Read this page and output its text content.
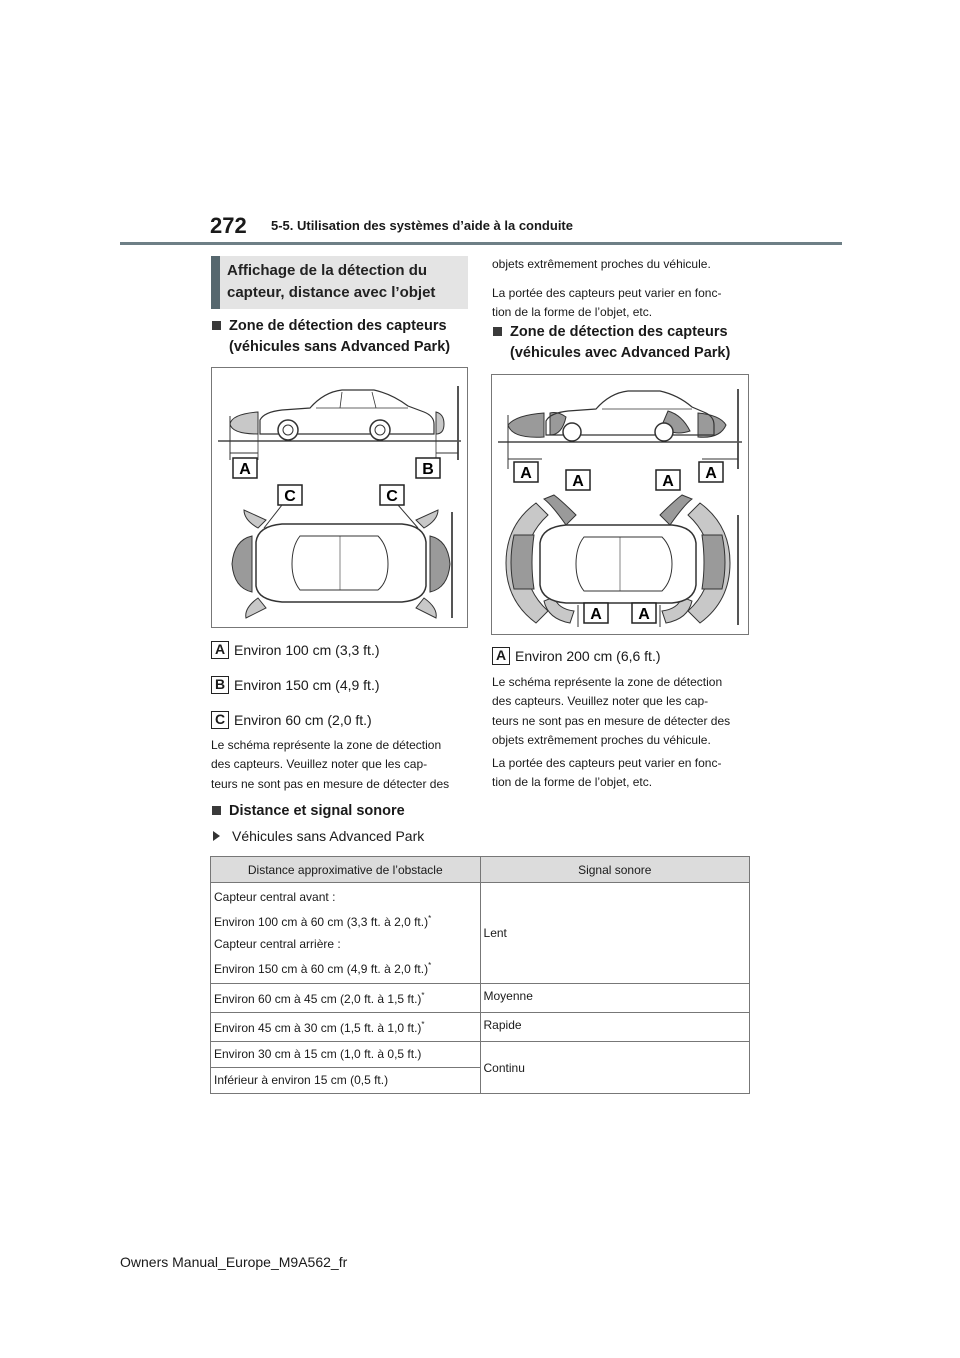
272 5-5. Utilisation des systèmes d’aide à la conduite
Affichage de la détection du
capteur, distance avec l’objet
Zone de détection des capteurs
(véhicules sans Advanced Park)
A	B
C	C
A Environ 100 cm (3,3 ft.)
B Environ 150 cm (4,9 ft.)
C Environ 60 cm (2,0 ft.)
Le schéma représente la zone de détection
des capteurs. Veuillez noter que les cap-
teurs ne sont pas en mesure de détecter des
Distance et signal sonore
Véhicules sans Advanced Park
objets extrêmement proches du véhicule.
La portée des capteurs peut varier en fonc-
tion de la forme de l’objet, etc.
Zone de détection des capteurs
(véhicules avec Advanced Park)
A	A	A A
A A
A Environ 200 cm (6,6 ft.)
Le schéma représente la zone de détection
des capteurs. Veuillez noter que les cap-
teurs ne sont pas en mesure de détecter des
objets extrêmement proches du véhicule.
La portée des capteurs peut varier en fonc-
tion de la forme de l’objet, etc.
Distance approximative de l’obstacle	Signal sonore

Capteur central avant :

Environ 100 cm à 60 cm (3,3 ft. à 2,0 ft.)*

Capteur central arrière :

Environ 150 cm à 60 cm (4,9 ft. à 2,0 ft.)*	Lent
Environ 60 cm à 45 cm (2,0 ft. à 1,5 ft.)*	Moyenne
Environ 45 cm à 30 cm (1,5 ft. à 1,0 ft.)*	Rapide
Environ 30 cm à 15 cm (1,0 ft. à 0,5 ft.)	Continu
Inférieur à environ 15 cm (0,5 ft.)	
Owners Manual_Europe_M9A562_fr
